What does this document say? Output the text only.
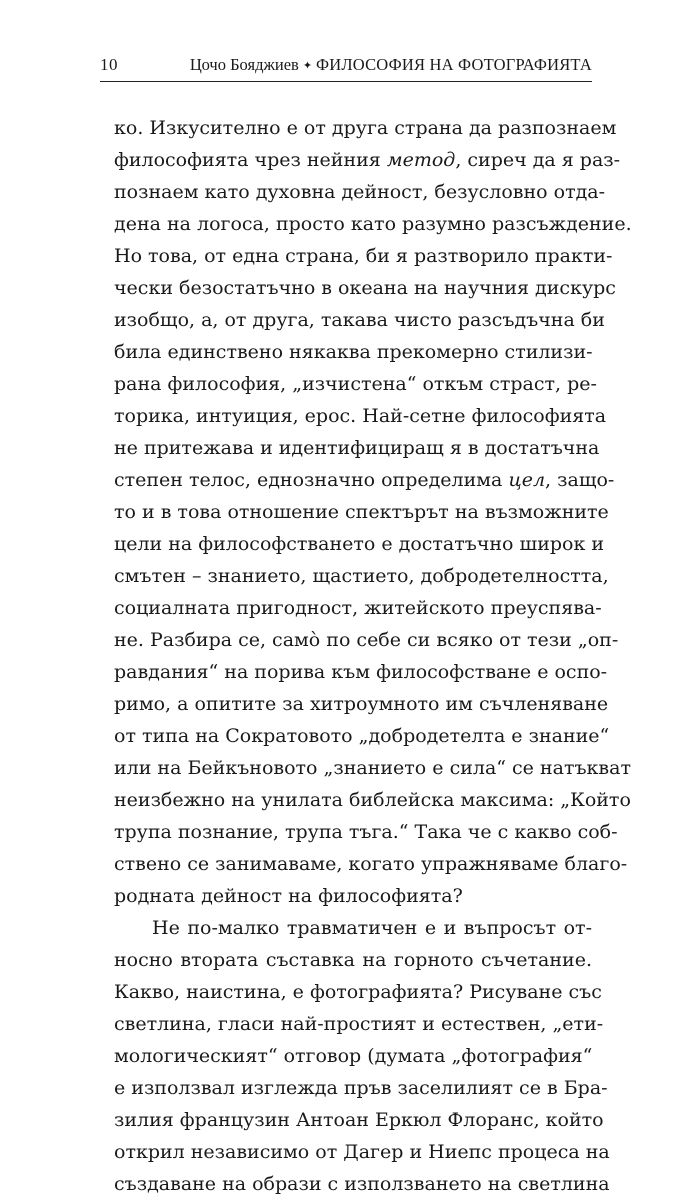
10	Цочо Бояджиев ✦ ФИЛОСОФИЯ НА ФОТОГРАФИЯТА
ко. Изкусително е от друга страна да разпознаем
философията чрез нейния метод, сиреч да я раз-
познаем като духовна дейност, безусловно отда-
дена на логоса, просто като разумно разсъждение.
Но това, от една страна, би я разтворило практи-
чески безостатъчно в океана на научния дискурс
изобщо, а, от друга, такава чисто разсъдъчна би
била единствено някаква прекомерно стилизи-
рана философия, „изчистена“ откъм страст, ре-
торика, интуиция, ерос. Най-сетне философията
не притежава и идентифициращ я в достатъчна
степен телос, еднозначно определима цел, защо-
то и в това отношение спектърът на възможните
цели на философстването е достатъчно широк и
смътен – знанието, щастието, добродетелността,
социалната пригодност, житейското преуспява-
не. Разбира се, само̀ по себе си всяко от тези „оп-
равдания“ на порива към философстване е оспо-
римо, а опитите за хитроумното им съчленяване
от типа на Сократовото „добродетелта е знание“
или на Бейкъновото „знанието е сила“ се натъкват
неизбежно на унилата библейска максима: „Който
трупа познание, трупа тъга.“ Така че с какво соб-
ствено се занимаваме, когато упражняваме благо-
родната дейност на философията?
Не по-малко травматичен е и въпросът от-
носно втората съставка на горното съчетание.
Какво, наистина, е фотографията? Рисуване със
светлина, гласи най-простият и естествен, „ети-
мологическият“ отговор (думата „фотография“
е използвал изглежда пръв заселилият се в Бра-
зилия французин Антоан Еркюл Флоранс, който
открил независимо от Дагер и Ниепс процеса на
създаване на образи с използването на светлина
